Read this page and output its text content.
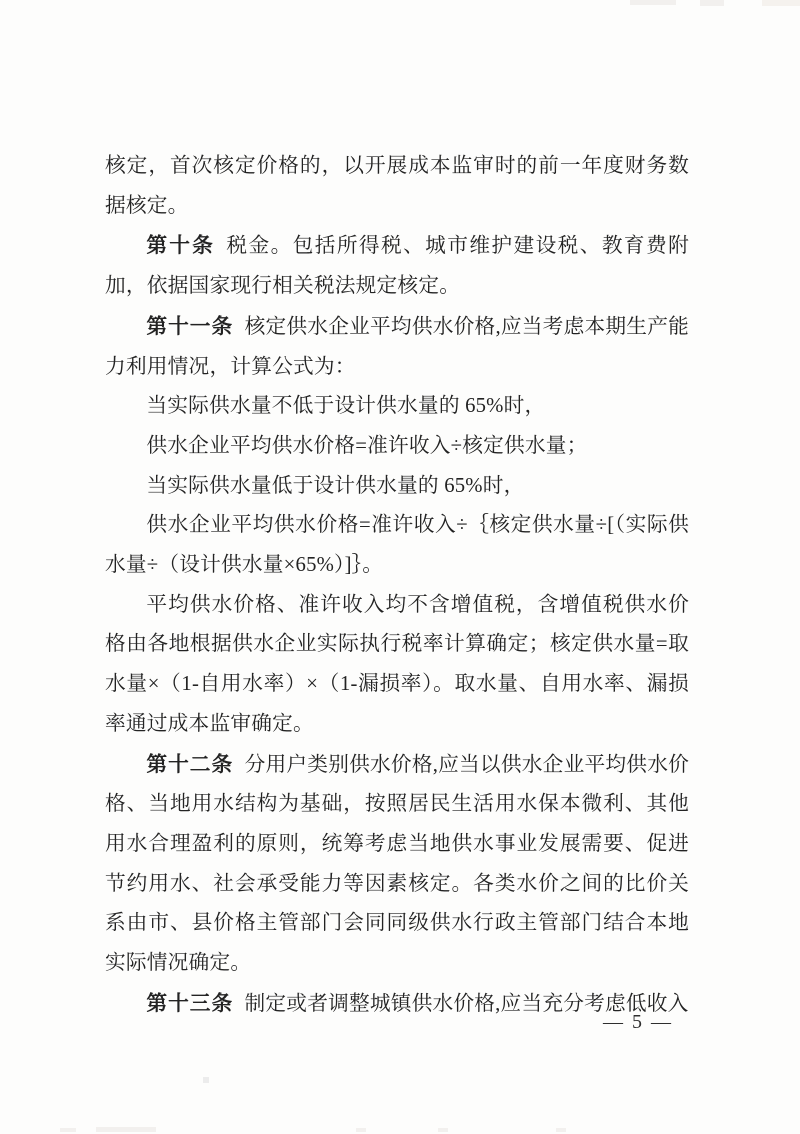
核定，首次核定价格的，以开展成本监审时的前一年度财务数据核定。

第十条 税金。包括所得税、城市维护建设税、教育费附加，依据国家现行相关税法规定核定。

第十一条 核定供水企业平均供水价格,应当考虑本期生产能力利用情况，计算公式为：

当实际供水量不低于设计供水量的 65%时，

供水企业平均供水价格=准许收入÷核定供水量；

当实际供水量低于设计供水量的 65%时，

供水企业平均供水价格=准许收入÷｛核定供水量÷[（实际供水量÷（设计供水量×65%）]｝。

平均供水价格、准许收入均不含增值税，含增值税供水价格由各地根据供水企业实际执行税率计算确定；核定供水量=取水量×（1-自用水率）×（1-漏损率）。取水量、自用水率、漏损率通过成本监审确定。

第十二条 分用户类别供水价格,应当以供水企业平均供水价格、当地用水结构为基础，按照居民生活用水保本微利、其他用水合理盈利的原则，统筹考虑当地供水事业发展需要、促进节约用水、社会承受能力等因素核定。各类水价之间的比价关系由市、县价格主管部门会同同级供水行政主管部门结合本地实际情况确定。

第十三条 制定或者调整城镇供水价格,应当充分考虑低收入

— 5 —
